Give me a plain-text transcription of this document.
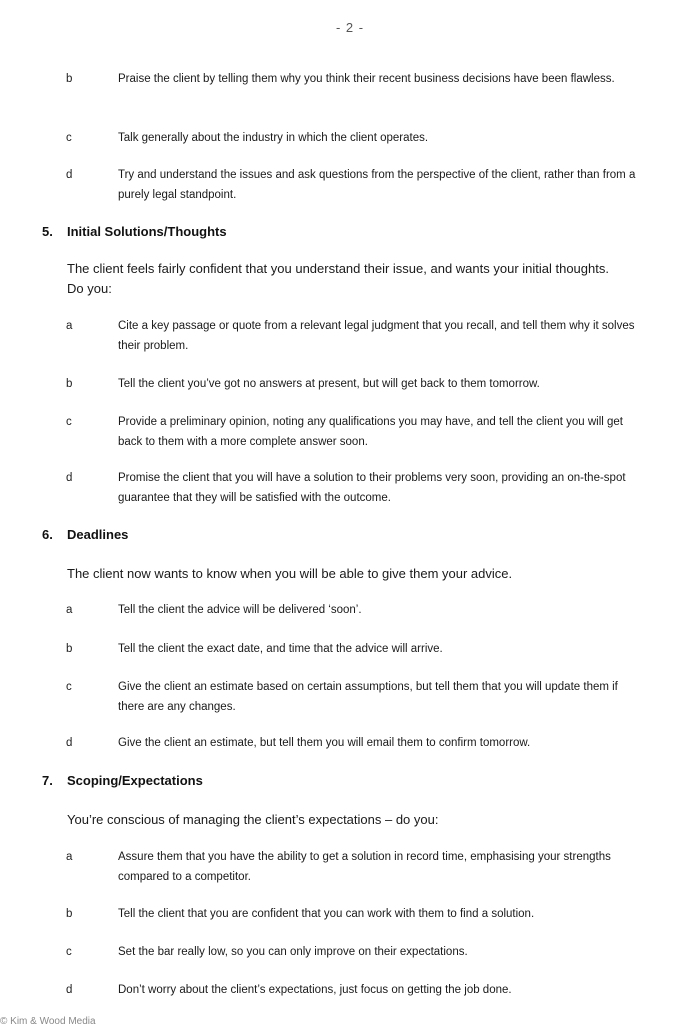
- 2 -
b	Praise the client by telling them why you think their recent business decisions have been flawless.
c	Talk generally about the industry in which the client operates.
d	Try and understand the issues and ask questions from the perspective of the client, rather than from a purely legal standpoint.
5. Initial Solutions/Thoughts
The client feels fairly confident that you understand their issue, and wants your initial thoughts. Do you:
a	Cite a key passage or quote from a relevant legal judgment that you recall, and tell them why it solves their problem.
b	Tell the client you’ve got no answers at present, but will get back to them tomorrow.
c	Provide a preliminary opinion, noting any qualifications you may have, and tell the client you will get back to them with a more complete answer soon.
d	Promise the client that you will have a solution to their problems very soon, providing an on-the-spot guarantee that they will be satisfied with the outcome.
6. Deadlines
The client now wants to know when you will be able to give them your advice.
a	Tell the client the advice will be delivered ‘soon’.
b	Tell the client the exact date, and time that the advice will arrive.
c	Give the client an estimate based on certain assumptions, but tell them that you will update them if there are any changes.
d	Give the client an estimate, but tell them you will email them to confirm tomorrow.
7. Scoping/Expectations
You’re conscious of managing the client’s expectations – do you:
a	Assure them that you have the ability to get a solution in record time, emphasising your strengths compared to a competitor.
b	Tell the client that you are confident that you can work with them to find a solution.
c	Set the bar really low, so you can only improve on their expectations.
d	Don’t worry about the client’s expectations, just focus on getting the job done.
© Kim & Wood Media
